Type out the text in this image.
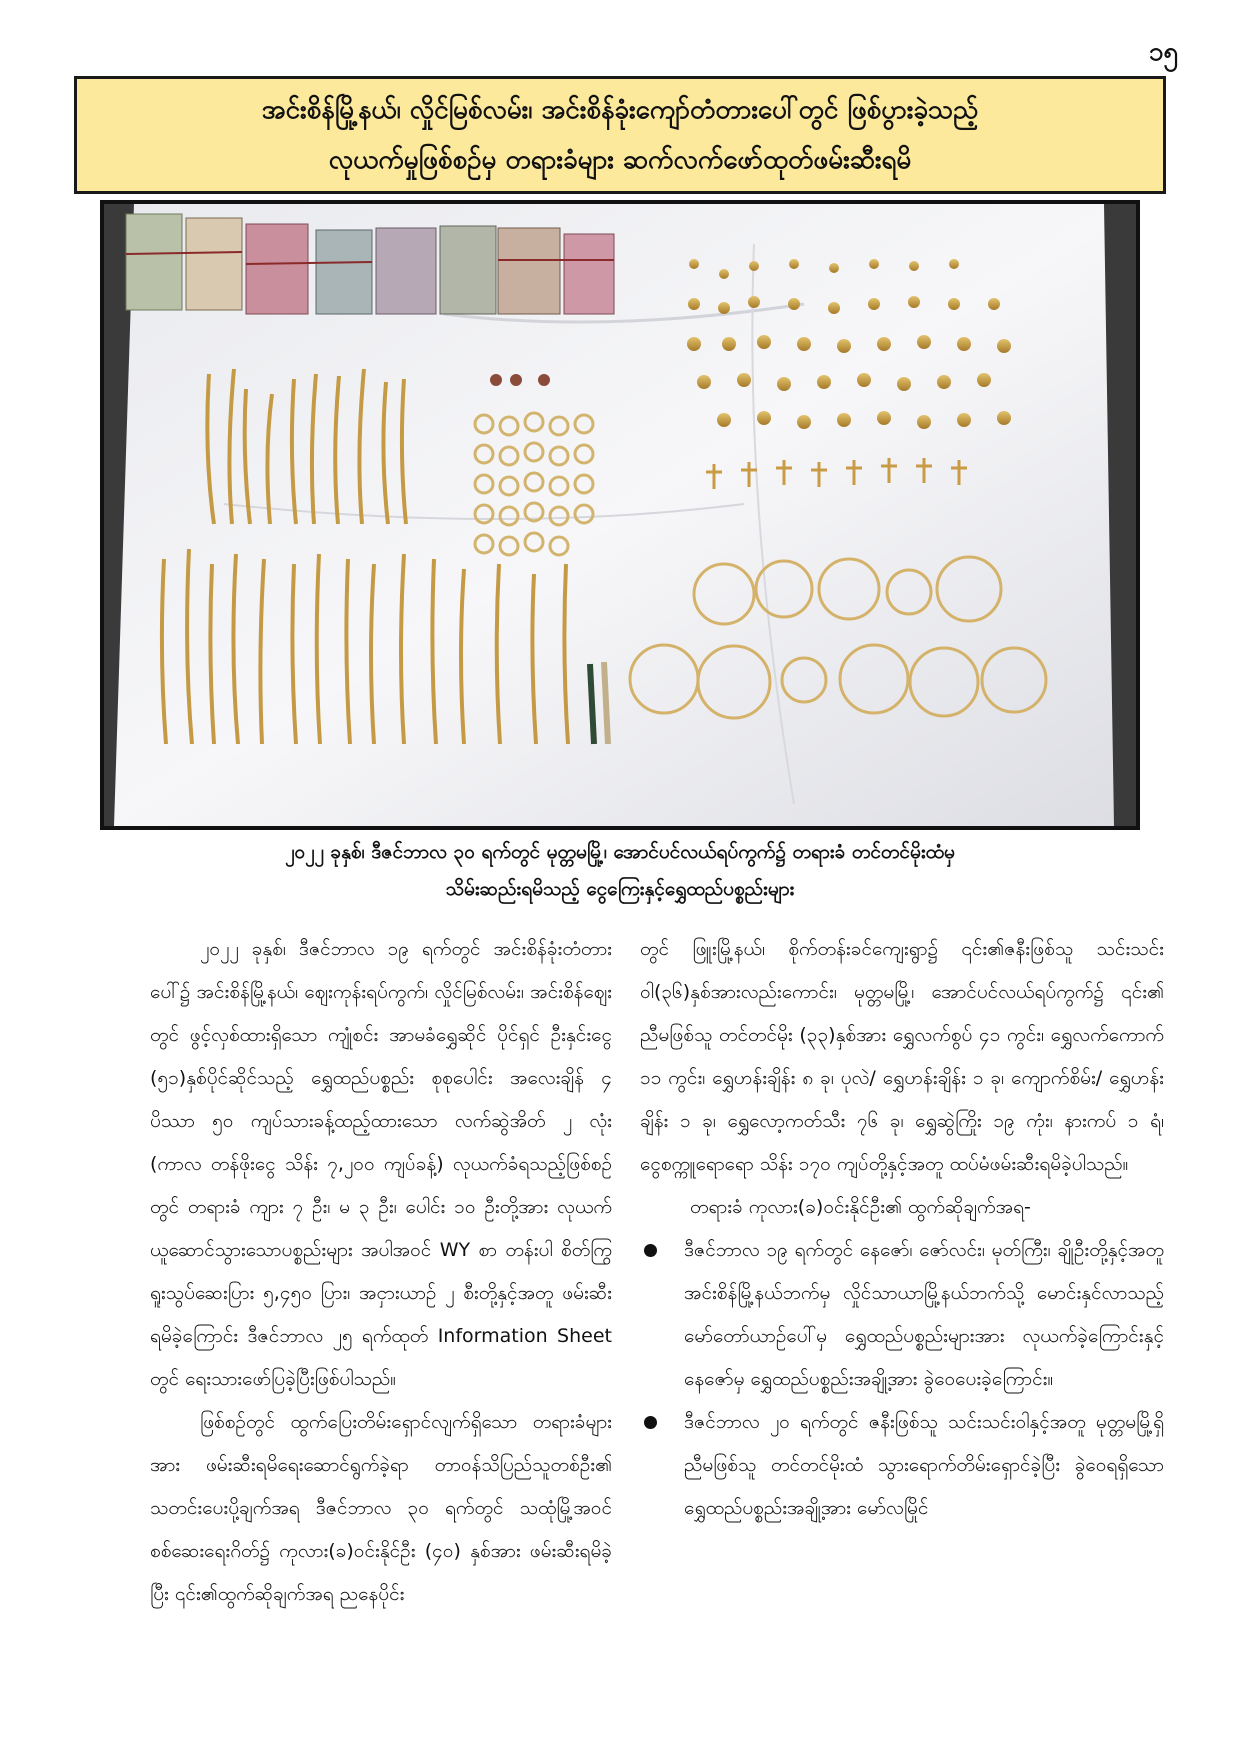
၁၅
အင်းစိန်မြို့နယ်၊ လှိုင်မြစ်လမ်း၊ အင်းစိန်ခုံးကျော်တံတားပေါ်တွင် ဖြစ်ပွားခဲ့သည့်
လုယက်မှုဖြစ်စဉ်မှ တရားခံများ ဆက်လက်ဖော်ထုတ်ဖမ်းဆီးရမိ
၂၀၂၂ ခုနှစ်၊ ဒီဇင်ဘာလ ၃၀ ရက်တွင် မုတ္တမမြို့၊ အောင်ပင်လယ်ရပ်ကွက်၌ တရားခံ တင်တင်မိုးထံမှ
သိမ်းဆည်းရမိသည့် ငွေကြေးနှင့်ရွှေထည်ပစ္စည်းများ

၂၀၂၂ ခုနှစ်၊ ဒီဇင်ဘာလ ၁၉ ရက်တွင် အင်းစိန်ခုံးတံတားပေါ်၌ အင်းစိန်မြို့နယ်၊ ဈေးကုန်းရပ်ကွက်၊ လှိုင်မြစ်လမ်း၊ အင်းစိန်ဈေးတွင် ဖွင့်လှစ်ထားရှိသော ကျုံစင်း အာမခံရွှေဆိုင် ပိုင်ရှင် ဦးနှင်းငွေ (၅၁)နှစ်ပိုင်ဆိုင်သည့် ရွှေထည်ပစ္စည်း စုစုပေါင်း အလေးချိန် ၄ ပိဿာ ၅၀ ကျပ်သားခန့်ထည့်ထားသော လက်ဆွဲအိတ် ၂ လုံး (ကာလ တန်ဖိုးငွေ သိန်း ၇,၂၀၀ ကျပ်ခန့်) လုယက်ခံရသည့်ဖြစ်စဉ်တွင် တရားခံ ကျား ၇ ဦး၊ မ ၃ ဦး၊ ပေါင်း ၁၀ ဦးတို့အား လုယက်ယူဆောင်သွားသောပစ္စည်းများ အပါအဝင် WY စာ တန်းပါ စိတ်ကြွရူးသွပ်ဆေးပြား ၅,၄၅၀ ပြား၊ အငှားယာဉ် ၂ စီးတို့နှင့်အတူ ဖမ်းဆီးရမိခဲ့ကြောင်း ဒီဇင်ဘာလ ၂၅ ရက်ထုတ် Information Sheet တွင် ရေးသားဖော်ပြခဲ့ပြီးဖြစ်ပါသည်။

ဖြစ်စဉ်တွင် ထွက်ပြေးတိမ်းရှောင်လျက်ရှိသော တရားခံများအား ဖမ်းဆီးရမိရေးဆောင်ရွက်ခဲ့ရာ တာဝန်သိပြည်သူတစ်ဦး၏ သတင်းပေးပို့ချက်အရ ဒီဇင်ဘာလ ၃၀ ရက်တွင် သထုံမြို့အဝင် စစ်ဆေးရေးဂိတ်၌ ကုလား(ခ)ဝင်းနိုင်ဦး (၄၀) နှစ်အား ဖမ်းဆီးရမိခဲ့ပြီး ၎င်း၏ထွက်ဆိုချက်အရ ညနေပိုင်း

တွင် ဖြူးမြို့နယ်၊ စိုက်တန်းခင်ကျေးရွာ၌ ၎င်း၏ဇနီးဖြစ်သူ သင်းသင်းဝါ(၃၆)နှစ်အားလည်းကောင်း၊ မုတ္တမမြို့၊ အောင်ပင်လယ်ရပ်ကွက်၌ ၎င်း၏ ညီမဖြစ်သူ တင်တင်မိုး (၃၃)နှစ်အား ရွှေလက်စွပ် ၄၁ ကွင်း၊ ရွှေလက်ကောက် ၁၁ ကွင်း၊ ရွှေဟန်းချိန်း ၈ ခု၊ ပုလဲ/ ရွှေဟန်းချိန်း ၁ ခု၊ ကျောက်စိမ်း/ ရွှေဟန်းချိန်း ၁ ခု၊ ရွှေလော့ကတ်သီး ၇၆ ခု၊ ရွှေဆွဲကြိုး ၁၉ ကုံး၊ နားကပ် ၁ ရံ၊ ငွေစက္ကူရောရော သိန်း ၁၇၀ ကျပ်တို့နှင့်အတူ ထပ်မံဖမ်းဆီးရမိခဲ့ပါသည်။

တရားခံ ကုလား(ခ)ဝင်းနိုင်ဦး၏ ထွက်ဆိုချက်အရ-

ဒီဇင်ဘာလ ၁၉ ရက်တွင် နေဇော်၊ ဇော်လင်း၊ မုတ်ကြီး၊ ချိုဦးတို့နှင့်အတူ အင်းစိန်မြို့နယ်ဘက်မှ လှိုင်သာယာမြို့နယ်ဘက်သို့ မောင်းနှင်လာသည့် မော်တော်ယာဉ်ပေါ်မှ ရွှေထည်ပစ္စည်းများအား လုယက်ခဲ့ကြောင်းနှင့် နေဇော်မှ ရွှေထည်ပစ္စည်းအချို့အား ခွဲဝေပေးခဲ့ကြောင်း။
ဒီဇင်ဘာလ ၂၀ ရက်တွင် ဇနီးဖြစ်သူ သင်းသင်းဝါနှင့်အတူ မုတ္တမမြို့ရှိ ညီမဖြစ်သူ တင်တင်မိုးထံ သွားရောက်တိမ်းရှောင်ခဲ့ပြီး ခွဲဝေရရှိသော ရွှေထည်ပစ္စည်းအချို့အား မော်လမြိုင်
